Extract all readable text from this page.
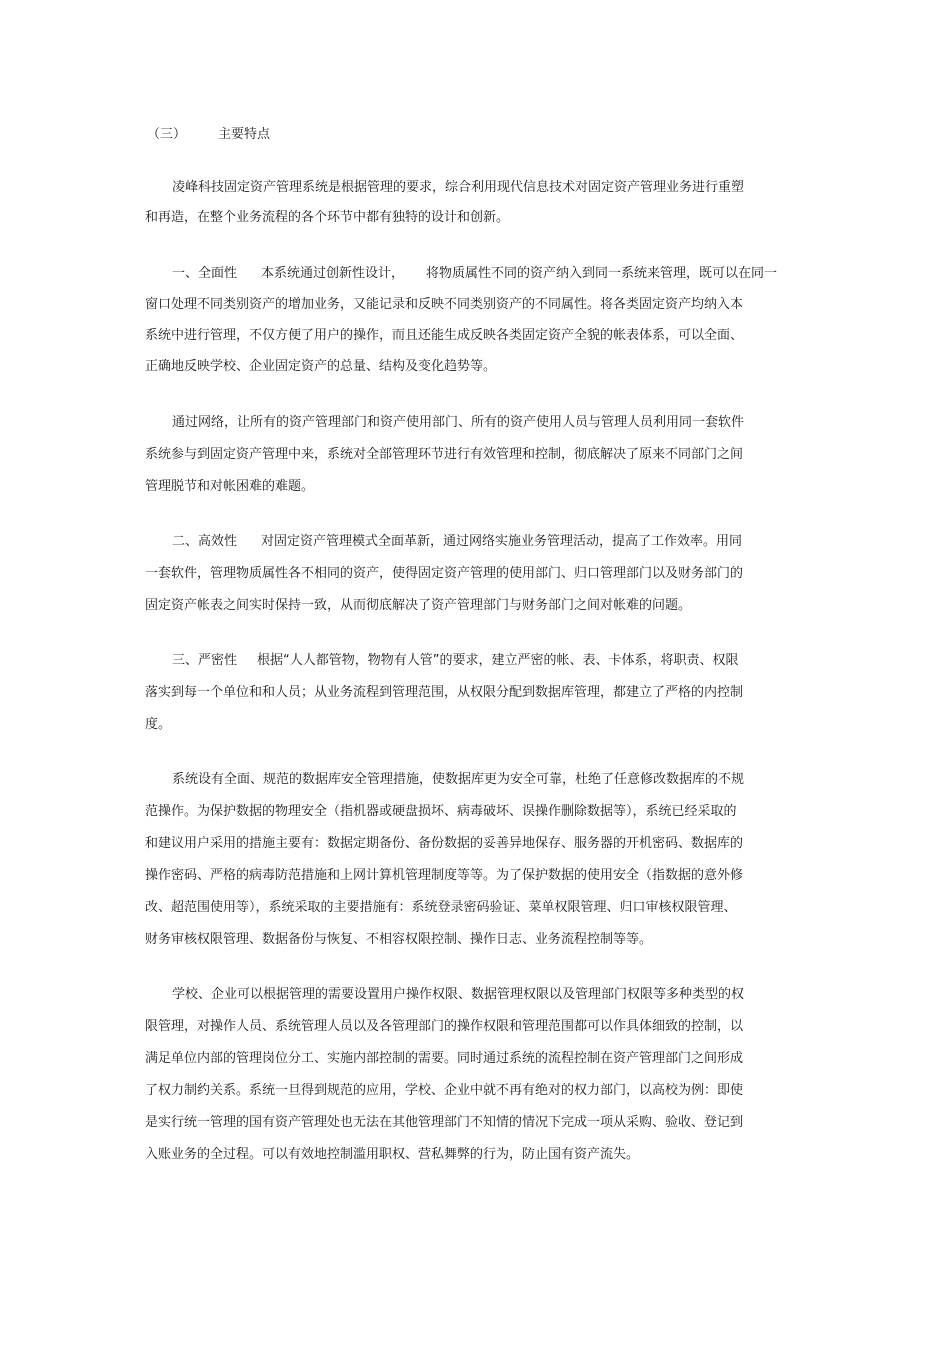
（三） 主要特点
凌峰科技固定资产管理系统是根据管理的要求，综合利用现代信息技术对固定资产管理业务进行重塑
和再造，在整个业务流程的各个环节中都有独特的设计和创新。
一、全面性 本系统通过创新性设计， 将物质属性不同的资产纳入到同一系统来管理，既可以在同一
窗口处理不同类别资产的增加业务，又能记录和反映不同类别资产的不同属性。将各类固定资产均纳入本
系统中进行管理，不仅方便了用户的操作，而且还能生成反映各类固定资产全貌的帐表体系，可以全面、
正确地反映学校、企业固定资产的总量、结构及变化趋势等。
通过网络，让所有的资产管理部门和资产使用部门、所有的资产使用人员与管理人员利用同一套软件
系统参与到固定资产管理中来，系统对全部管理环节进行有效管理和控制，彻底解决了原来不同部门之间
管理脱节和对帐困难的难题。
二、高效性 对固定资产管理模式全面革新，通过网络实施业务管理活动，提高了工作效率。用同
一套软件，管理物质属性各不相同的资产，使得固定资产管理的使用部门、归口管理部门以及财务部门的
固定资产帐表之间实时保持一致，从而彻底解决了资产管理部门与财务部门之间对帐难的问题。
三、严密性 根据“人人都管物，物物有人管”的要求，建立严密的帐、表、卡体系，将职责、权限
落实到每一个单位和和人员；从业务流程到管理范围，从权限分配到数据库管理，都建立了严格的内控制
度。
系统设有全面、规范的数据库安全管理措施，使数据库更为安全可靠，杜绝了任意修改数据库的不规
范操作。为保护数据的物理安全（指机器或硬盘损坏、病毒破坏、误操作删除数据等），系统已经采取的
和建议用户采用的措施主要有：数据定期备份、备份数据的妥善异地保存、服务器的开机密码、数据库的
操作密码、严格的病毒防范措施和上网计算机管理制度等等。为了保护数据的使用安全（指数据的意外修
改、超范围使用等），系统采取的主要措施有：系统登录密码验证、菜单权限管理、归口审核权限管理、
财务审核权限管理、数据备份与恢复、不相容权限控制、操作日志、业务流程控制等等。
学校、企业可以根据管理的需要设置用户操作权限、数据管理权限以及管理部门权限等多种类型的权
限管理，对操作人员、系统管理人员以及各管理部门的操作权限和管理范围都可以作具体细致的控制，以
满足单位内部的管理岗位分工、实施内部控制的需要。同时通过系统的流程控制在资产管理部门之间形成
了权力制约关系。系统一旦得到规范的应用，学校、企业中就不再有绝对的权力部门，以高校为例：即使
是实行统一管理的国有资产管理处也无法在其他管理部门不知情的情况下完成一项从采购、验收、登记到
入账业务的全过程。可以有效地控制滥用职权、营私舞弊的行为，防止国有资产流失。
